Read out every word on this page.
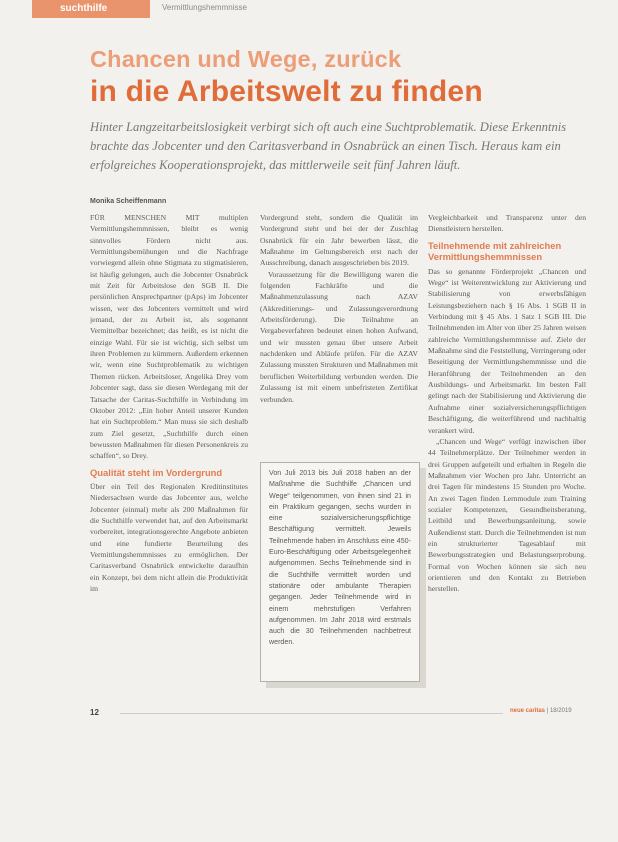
suchthilfe	Vermittlungshemmnisse
Chancen und Wege, zurück
in die Arbeitswelt zu finden

Hinter Langzeitarbeitslosigkeit verbirgt sich oft auch eine Suchtproblematik. Diese Erkenntnis brachte das Jobcenter und den Caritasverband in Osnabrück an einen Tisch. Heraus kam ein erfolgreiches Kooperationsprojekt, das mittlerweile seit fünf Jahren läuft.

Monika Scheiffenmann

FÜR MENSCHEN MIT multiplen Vermittlungshemmnissen, bleibt es wenig sinnvolles Fördern nicht aus. Vermittlungsbemühungen und die Nachfrage vorwiegend allein ohne Stigmata zu stigmatisieren, ist häufig gelungen, auch die Jobcenter Osnabrück mit Zeit für Arbeitslose den SGB II. Die persönlichen Ansprechpartner (pAps) im Jobcenter wissen, wer des Jobcenters vermittelt und wird jemand, der zu Arbeit ist, als sogenannt Vermittelbar bezeichnet; das heißt, es ist nicht die einzige Wahl. Für sie ist wichtig, sich selbst um ihren Problemen zu kümmern. Außerdem erkennen wir, wenn eine Suchtproblematik zu wichtigen Themen rücken. Arbeitsloser, Angelika Drey vom Jobcenter sagt, dass sie diesen Werdegang mit der Tatsache der Caritas-Suchthilfe in Verbindung im Oktober 2012: „Ein hoher Anteil unserer Kunden hat ein Suchtproblem.“ Man muss sie sich deshalb zum Ziel gesetzt, „Suchthilfe durch einen bewussten Maßnahmen für diesen Personenkreis zu schaffen“, so Drey.

Qualität steht im Vordergrund

Über ein Teil des Regionalen Kreditinstitutes Niedersachsen wurde das Jobcenter aus, welche Jobcenter (einmal) mehr als 200 Maßnahmen für die Suchthilfe verwendet hat, auf den Arbeitsmarkt vorbereitet, integrationsgerechte Angebote anbieten und eine fundierte Beurteilung des Vermittlungshemmnisses zu ermöglichen. Der Caritasverband Osnabrück entwickelte daraufhin ein Konzept, bei dem nicht allein die Produktivität im

Vordergrund steht, sondern die Qualität im Vordergrund steht und bei der der Zuschlag Osnabrück für ein Jahr bewerben lässt, die Maßnahme im Geltungsbereich erst nach der Ausschreibung, danach ausgeschrieben bis 2019.

Voraussetzung für die Bewilligung waren die folgenden Fachkräfte und die Maßnahmenzulassung nach AZAV (Akkreditierungs- und Zulassungsverordnung Arbeitsförderung). Die Teilnahme an Vergabeverfahren bedeutet einen hohen Aufwand, und wir mussten genau über unsere Arbeit nachdenken und Abläufe prüfen. Für die AZAV Zulassung mussten Strukturen und Maßnahmen mit beruflichen Weiterbildung verbunden werden. Die Zulassung ist mit einem unbefristeten Zertifikat verbunden.

Von Juli 2013 bis Juli 2018 haben an der Maßnahme die Suchthilfe „Chancen und Wege“ teilgenommen, von ihnen sind 21 in ein Praktikum gegangen, sechs wurden in eine sozialversicherungspflichtige Beschäftigung vermittelt. Jeweils Teilnehmende haben im Anschluss eine 450-Euro-Beschäftigung oder Arbeitsgelegenheit aufgenommen. Sechs Teilnehmende sind in die Suchthilfe vermittelt worden und stationäre oder ambulante Therapien gegangen. Jeder Teilnehmende wird in einem mehrstufigen Verfahren aufgenommen. Im Jahr 2018 wird erstmals auch die 30 Teilnehmenden nachbetreut werden.

Vergleichbarkeit und Transparenz unter den Dienstleistern herstellen.

Teilnehmende mit zahlreichen Vermittlungshemmnissen

Das so genannte Förderprojekt „Chancen und Wege“ ist Weiterentwicklung zur Aktivierung und Stabilisierung von erwerbsfähigen Leistungsbeziehern nach § 16 Abs. 1 SGB II in Verbindung mit § 45 Abs. 1 Satz 1 SGB III. Die Teilnehmenden im Alter von über 25 Jahren weisen zahlreiche Vermittlungshemmnisse auf. Ziele der Maßnahme sind die Feststellung, Verringerung oder Beseitigung der Vermittlungshemmnisse und die Heranführung der Teilnehmenden an den Ausbildungs- und Arbeitsmarkt. Im besten Fall gelingt nach der Stabilisierung und Aktivierung die Aufnahme einer sozialversicherungspflichtigen Beschäftigung, die weiterführend und nachhaltig verankert wird.

„Chancen und Wege“ verfügt inzwischen über 44 Teilnehmerplätze. Der Teilnehmer werden in drei Gruppen aufgeteilt und erhalten in Regeln die Maßnahmen vier Wochen pro Jahr. Unterricht an drei Tagen für mindestens 15 Stunden pro Woche. An zwei Tagen finden Lernmodule zum Training sozialer Kompetenzen, Gesundheitsberatung, Leitbild und Bewerbungsanleitung, sowie Außendienst statt. Durch die Teilnehmenden ist nun ein strukturierter Tagesablauf mit Bewerbungsstrategien und Belastungserprobung. Formal von Wochen können sie sich neu orientieren und den Kontakt zu Betrieben herstellen.

12	neue caritas | 18/2019
